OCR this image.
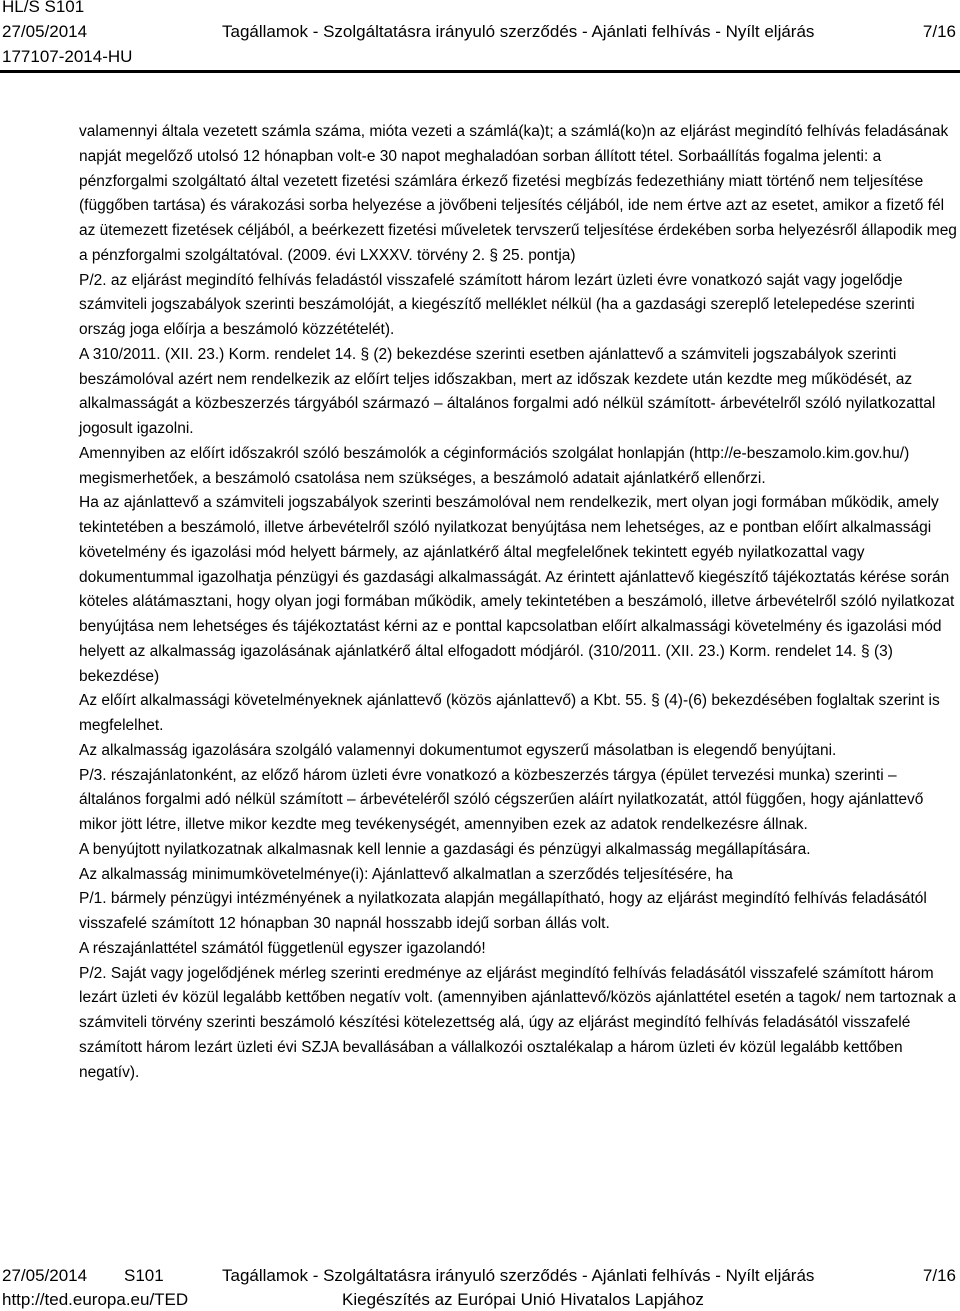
HL/S S101
27/05/2014
177107-2014-HU
Tagállamok - Szolgáltatásra irányuló szerződés - Ajánlati felhívás - Nyílt eljárás	7/16

valamennyi általa vezetett számla száma, mióta vezeti a számlá(ka)t; a számlá(ko)n az eljárást megindító felhívás feladásának napját megelőző utolsó 12 hónapban volt-e 30 napot meghaladóan sorban állított tétel. Sorbaállítás fogalma jelenti: a pénzforgalmi szolgáltató által vezetett fizetési számlára érkező fizetési megbízás fedezethiány miatt történő nem teljesítése (függőben tartása) és várakozási sorba helyezése a jövőbeni teljesítés céljából, ide nem értve azt az esetet, amikor a fizető fél az ütemezett fizetések céljából, a beérkezett fizetési műveletek tervszerű teljesítése érdekében sorba helyezésről állapodik meg a pénzforgalmi szolgáltatóval. (2009. évi LXXXV. törvény 2. § 25. pontja)

P/2. az eljárást megindító felhívás feladástól visszafelé számított három lezárt üzleti évre vonatkozó saját vagy jogelődje számviteli jogszabályok szerinti beszámolóját, a kiegészítő melléklet nélkül (ha a gazdasági szereplő letelepedése szerinti ország joga előírja a beszámoló közzétételét).

A 310/2011. (XII. 23.) Korm. rendelet 14. § (2) bekezdése szerinti esetben ajánlattevő a számviteli jogszabályok szerinti beszámolóval azért nem rendelkezik az előírt teljes időszakban, mert az időszak kezdete után kezdte meg működését, az alkalmasságát a közbeszerzés tárgyából származó – általános forgalmi adó nélkül számított- árbevételről szóló nyilatkozattal jogosult igazolni.

Amennyiben az előírt időszakról szóló beszámolók a céginformációs szolgálat honlapján (http://e-beszamolo.kim.gov.hu/) megismerhetőek, a beszámoló csatolása nem szükséges, a beszámoló adatait ajánlatkérő ellenőrzi.

Ha az ajánlattevő a számviteli jogszabályok szerinti beszámolóval nem rendelkezik, mert olyan jogi formában működik, amely tekintetében a beszámoló, illetve árbevételről szóló nyilatkozat benyújtása nem lehetséges, az e pontban előírt alkalmassági követelmény és igazolási mód helyett bármely, az ajánlatkérő által megfelelőnek tekintett egyéb nyilatkozattal vagy dokumentummal igazolhatja pénzügyi és gazdasági alkalmasságát. Az érintett ajánlattevő kiegészítő tájékoztatás kérése során köteles alátámasztani, hogy olyan jogi formában működik, amely tekintetében a beszámoló, illetve árbevételről szóló nyilatkozat benyújtása nem lehetséges és tájékoztatást kérni az e ponttal kapcsolatban előírt alkalmassági követelmény és igazolási mód helyett az alkalmasság igazolásának ajánlatkérő által elfogadott módjáról. (310/2011. (XII. 23.) Korm. rendelet 14. § (3) bekezdése)

Az előírt alkalmassági követelményeknek ajánlattevő (közös ajánlattevő) a Kbt. 55. § (4)-(6) bekezdésében foglaltak szerint is megfelelhet.

Az alkalmasság igazolására szolgáló valamennyi dokumentumot egyszerű másolatban is elegendő benyújtani.

P/3. részajánlatonként, az előző három üzleti évre vonatkozó a közbeszerzés tárgya (épület tervezési munka) szerinti – általános forgalmi adó nélkül számított – árbevételéről szóló cégszerűen aláírt nyilatkozatát, attól függően, hogy ajánlattevő mikor jött létre, illetve mikor kezdte meg tevékenységét, amennyiben ezek az adatok rendelkezésre állnak.

A benyújtott nyilatkozatnak alkalmasnak kell lennie a gazdasági és pénzügyi alkalmasság megállapítására.

Az alkalmasság minimumkövetelménye(i): Ajánlattevő alkalmatlan a szerződés teljesítésére, ha

P/1. bármely pénzügyi intézményének a nyilatkozata alapján megállapítható, hogy az eljárást megindító felhívás feladásától visszafelé számított 12 hónapban 30 napnál hosszabb idejű sorban állás volt.

A részajánlattétel számától függetlenül egyszer igazolandó!

P/2. Saját vagy jogelődjének mérleg szerinti eredménye az eljárást megindító felhívás feladásától visszafelé számított három lezárt üzleti év közül legalább kettőben negatív volt. (amennyiben ajánlattevő/közös ajánlattétel esetén a tagok/ nem tartoznak a számviteli törvény szerinti beszámoló készítési kötelezettség alá, úgy az eljárást megindító felhívás feladásától visszafelé számított három lezárt üzleti évi SZJA bevallásában a vállalkozói osztalékalap a három üzleti év közül legalább kettőben negatív).

27/05/2014 S101	Tagállamok - Szolgáltatásra irányuló szerződés - Ajánlati felhívás - Nyílt eljárás	7/16
http://ted.europa.eu/TED	Kiegészítés az Európai Unió Hivatalos Lapjához
